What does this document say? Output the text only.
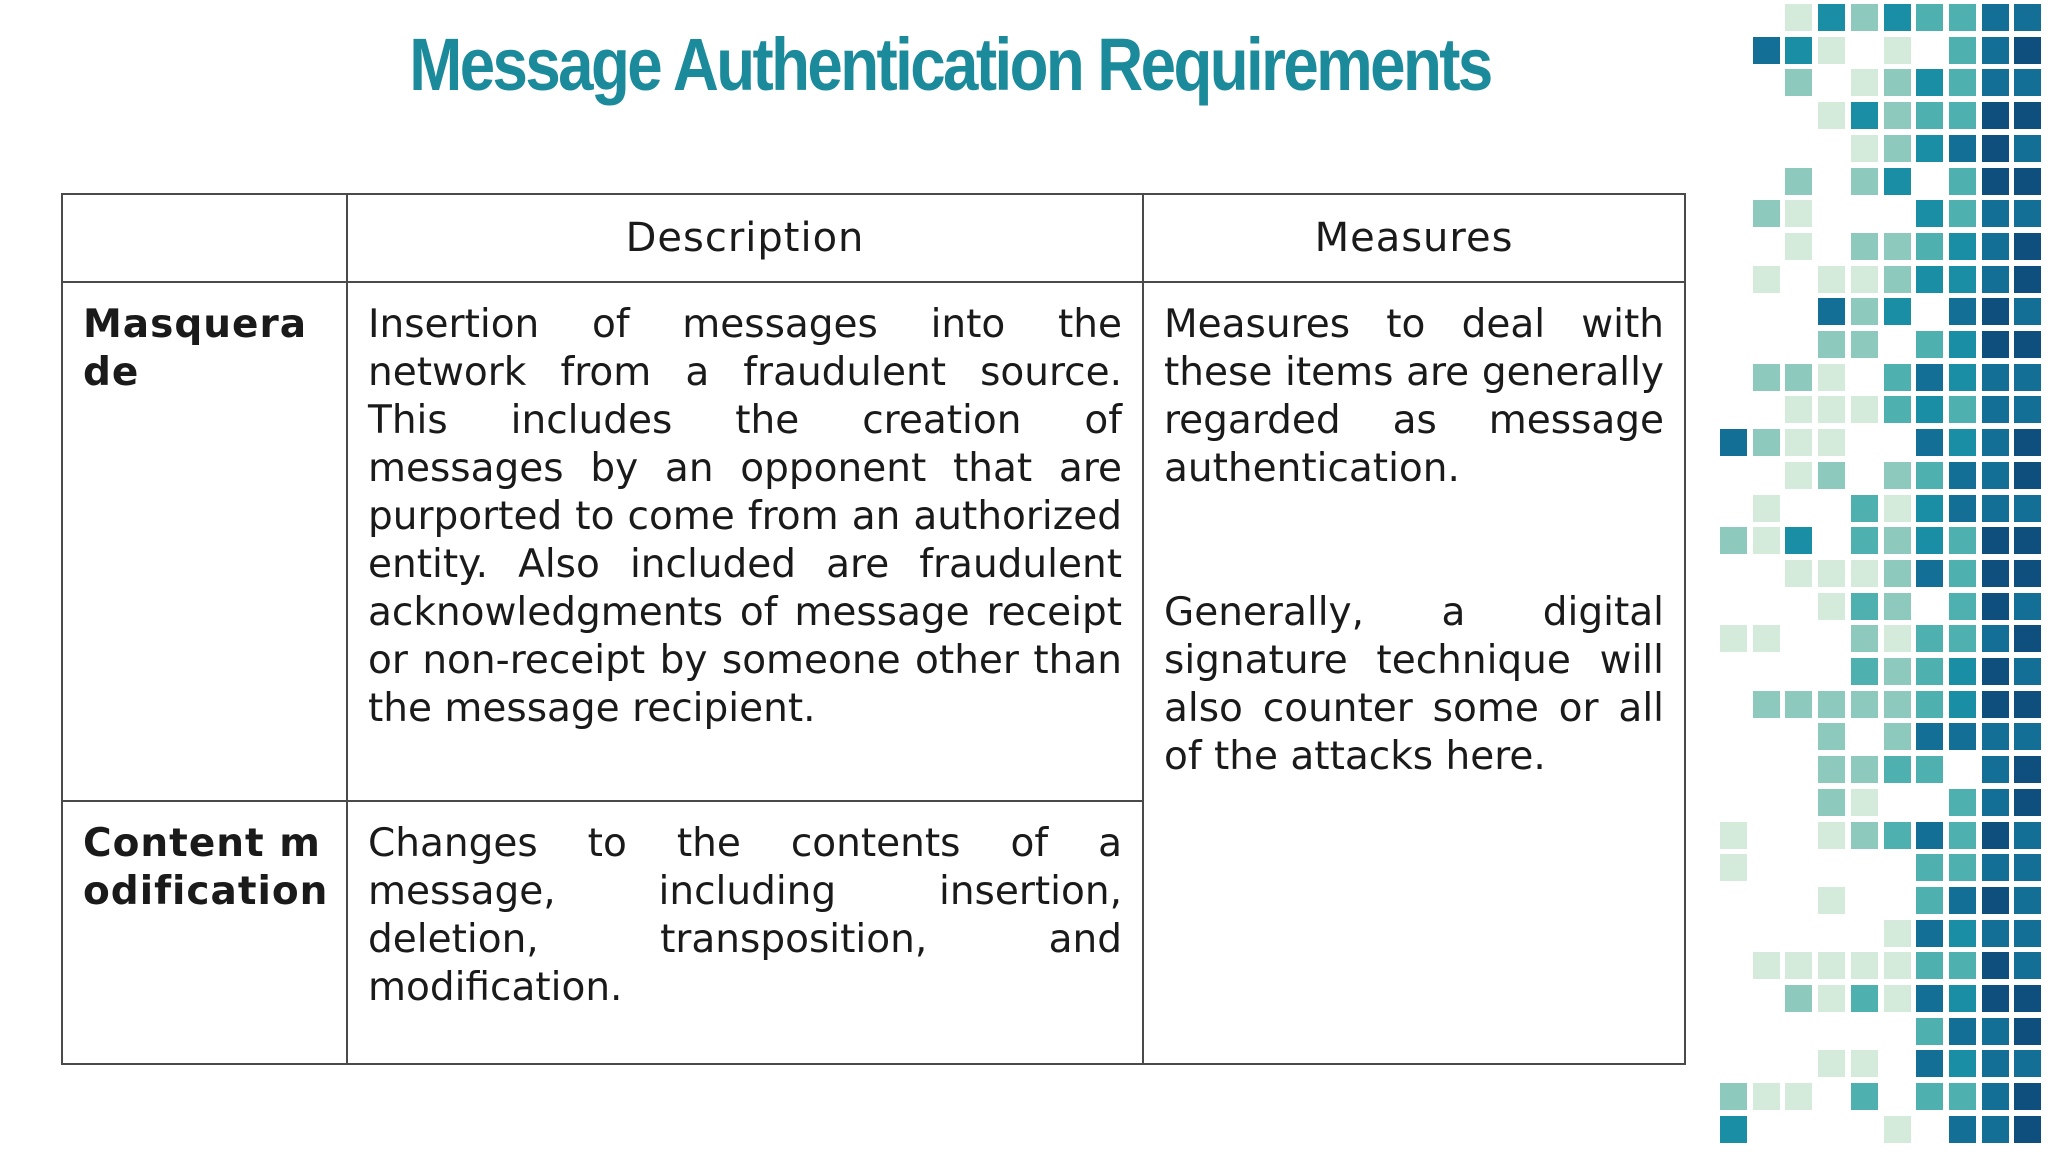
Message Authentication Requirements
	Description	Measures
Masquerade	Insertion of messages into the network from a fraudulent source. This includes the creation of messages by an opponent that are purported to come from an authorized entity. Also included are fraudulent acknowledgments of message receipt or non-receipt by someone other than the message recipient.	Measures to deal with these items are generally regarded as message authentication.

Generally, a digital signature technique will also counter some or all of the attacks here.

Content modification	Changes to the contents of a message, including insertion, deletion, transposition, and modification.	
